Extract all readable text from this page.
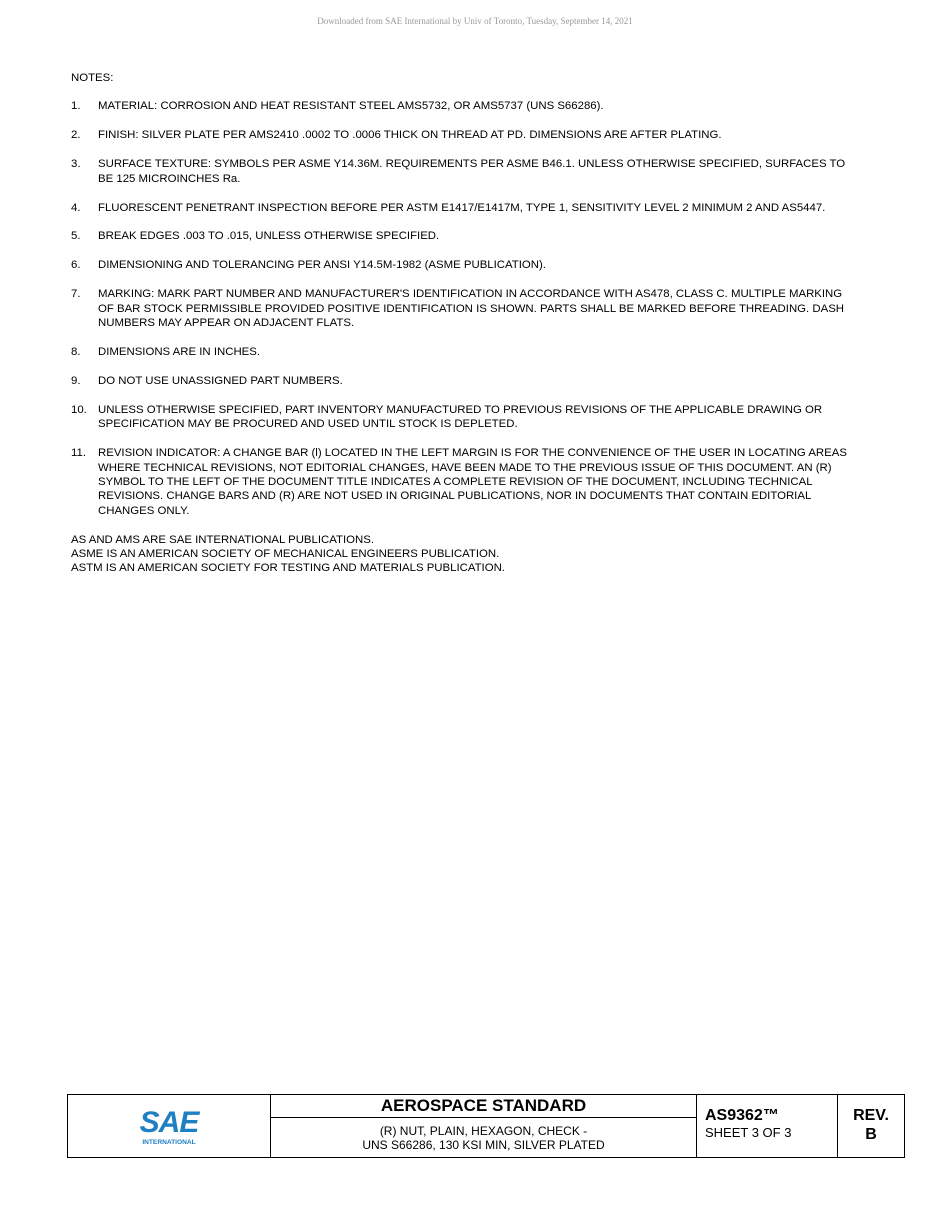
Downloaded from SAE International by Univ of Toronto, Tuesday, September 14, 2021
NOTES:
1.	MATERIAL: CORROSION AND HEAT RESISTANT STEEL AMS5732, OR AMS5737 (UNS S66286).
2.	FINISH: SILVER PLATE PER AMS2410 .0002 TO .0006 THICK ON THREAD AT PD. DIMENSIONS ARE AFTER PLATING.
3.	SURFACE TEXTURE: SYMBOLS PER ASME Y14.36M. REQUIREMENTS PER ASME B46.1. UNLESS OTHERWISE SPECIFIED, SURFACES TO BE 125 MICROINCHES Ra.
4.	FLUORESCENT PENETRANT INSPECTION BEFORE PER ASTM E1417/E1417M, TYPE 1, SENSITIVITY LEVEL 2 MINIMUM 2 AND AS5447.
5.	BREAK EDGES .003 TO .015, UNLESS OTHERWISE SPECIFIED.
6.	DIMENSIONING AND TOLERANCING PER ANSI Y14.5M-1982 (ASME PUBLICATION).
7.	MARKING: MARK PART NUMBER AND MANUFACTURER'S IDENTIFICATION IN ACCORDANCE WITH AS478, CLASS C. MULTIPLE MARKING OF BAR STOCK PERMISSIBLE PROVIDED POSITIVE IDENTIFICATION IS SHOWN. PARTS SHALL BE MARKED BEFORE THREADING. DASH NUMBERS MAY APPEAR ON ADJACENT FLATS.
8.	DIMENSIONS ARE IN INCHES.
9.	DO NOT USE UNASSIGNED PART NUMBERS.
10. UNLESS OTHERWISE SPECIFIED, PART INVENTORY MANUFACTURED TO PREVIOUS REVISIONS OF THE APPLICABLE DRAWING OR SPECIFICATION MAY BE PROCURED AND USED UNTIL STOCK IS DEPLETED.
11.	REVISION INDICATOR: A CHANGE BAR (l) LOCATED IN THE LEFT MARGIN IS FOR THE CONVENIENCE OF THE USER IN LOCATING AREAS WHERE TECHNICAL REVISIONS, NOT EDITORIAL CHANGES, HAVE BEEN MADE TO THE PREVIOUS ISSUE OF THIS DOCUMENT. AN (R) SYMBOL TO THE LEFT OF THE DOCUMENT TITLE INDICATES A COMPLETE REVISION OF THE DOCUMENT, INCLUDING TECHNICAL REVISIONS. CHANGE BARS AND (R) ARE NOT USED IN ORIGINAL PUBLICATIONS, NOR IN DOCUMENTS THAT CONTAIN EDITORIAL CHANGES ONLY.
AS AND AMS ARE SAE INTERNATIONAL PUBLICATIONS.
ASME IS AN AMERICAN SOCIETY OF MECHANICAL ENGINEERS PUBLICATION.
ASTM IS AN AMERICAN SOCIETY FOR TESTING AND MATERIALS PUBLICATION.
SAE
INTERNATIONAL
AEROSPACE STANDARD
(R) NUT, PLAIN, HEXAGON, CHECK -
UNS S66286, 130 KSI MIN, SILVER PLATED
AS9362™
SHEET 3 OF 3
REV.
B
